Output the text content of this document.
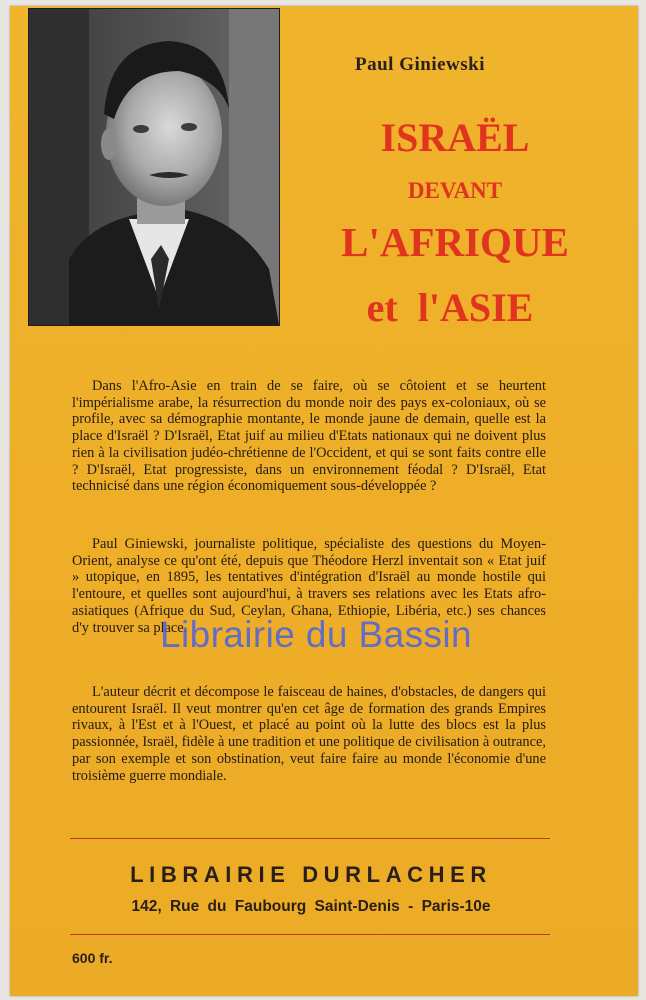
Paul Giniewski
ISRAËL
DEVANT
L'AFRIQUE
et  l'ASIE

Dans l'Afro-Asie en train de se faire, où se côtoient et se heurtent l'impérialisme arabe, la résurrection du monde noir des pays ex-coloniaux, où se profile, avec sa démographie montante, le monde jaune de demain, quelle est la place d'Israël ? D'Israël, Etat juif au milieu d'Etats nationaux qui ne doivent plus rien à la civilisation judéo-chrétienne de l'Occident, et qui se sont faits contre elle ? D'Israël, Etat progressiste, dans un environnement féodal ? D'Israël, Etat technicisé dans une région économiquement sous-développée ?

Paul Giniewski, journaliste politique, spécialiste des questions du Moyen-Orient, analyse ce qu'ont été, depuis que Théodore Herzl inventait son « Etat juif » utopique, en 1895, les tentatives d'intégration d'Israël au monde hostile qui l'entoure, et quelles sont aujourd'hui, à travers ses relations avec les Etats afro-asiatiques (Afrique du Sud, Ceylan, Ghana, Ethiopie, Libéria, etc.) ses chances d'y trouver sa place.

L'auteur décrit et décompose le faisceau de haines, d'obstacles, de dangers qui entourent Israël. Il veut montrer qu'en cet âge de formation des grands Empires rivaux, à l'Est et à l'Ouest, et placé au point où la lutte des blocs est la plus passionnée, Israël, fidèle à une tradition et une politique de civilisation à outrance, par son exemple et son obstination, veut faire faire au monde l'économie d'une troisième guerre mondiale.

LIBRAIRIE DURLACHER
142, Rue du Faubourg Saint-Denis - Paris-10e
600 fr.
Librairie du Bassin
